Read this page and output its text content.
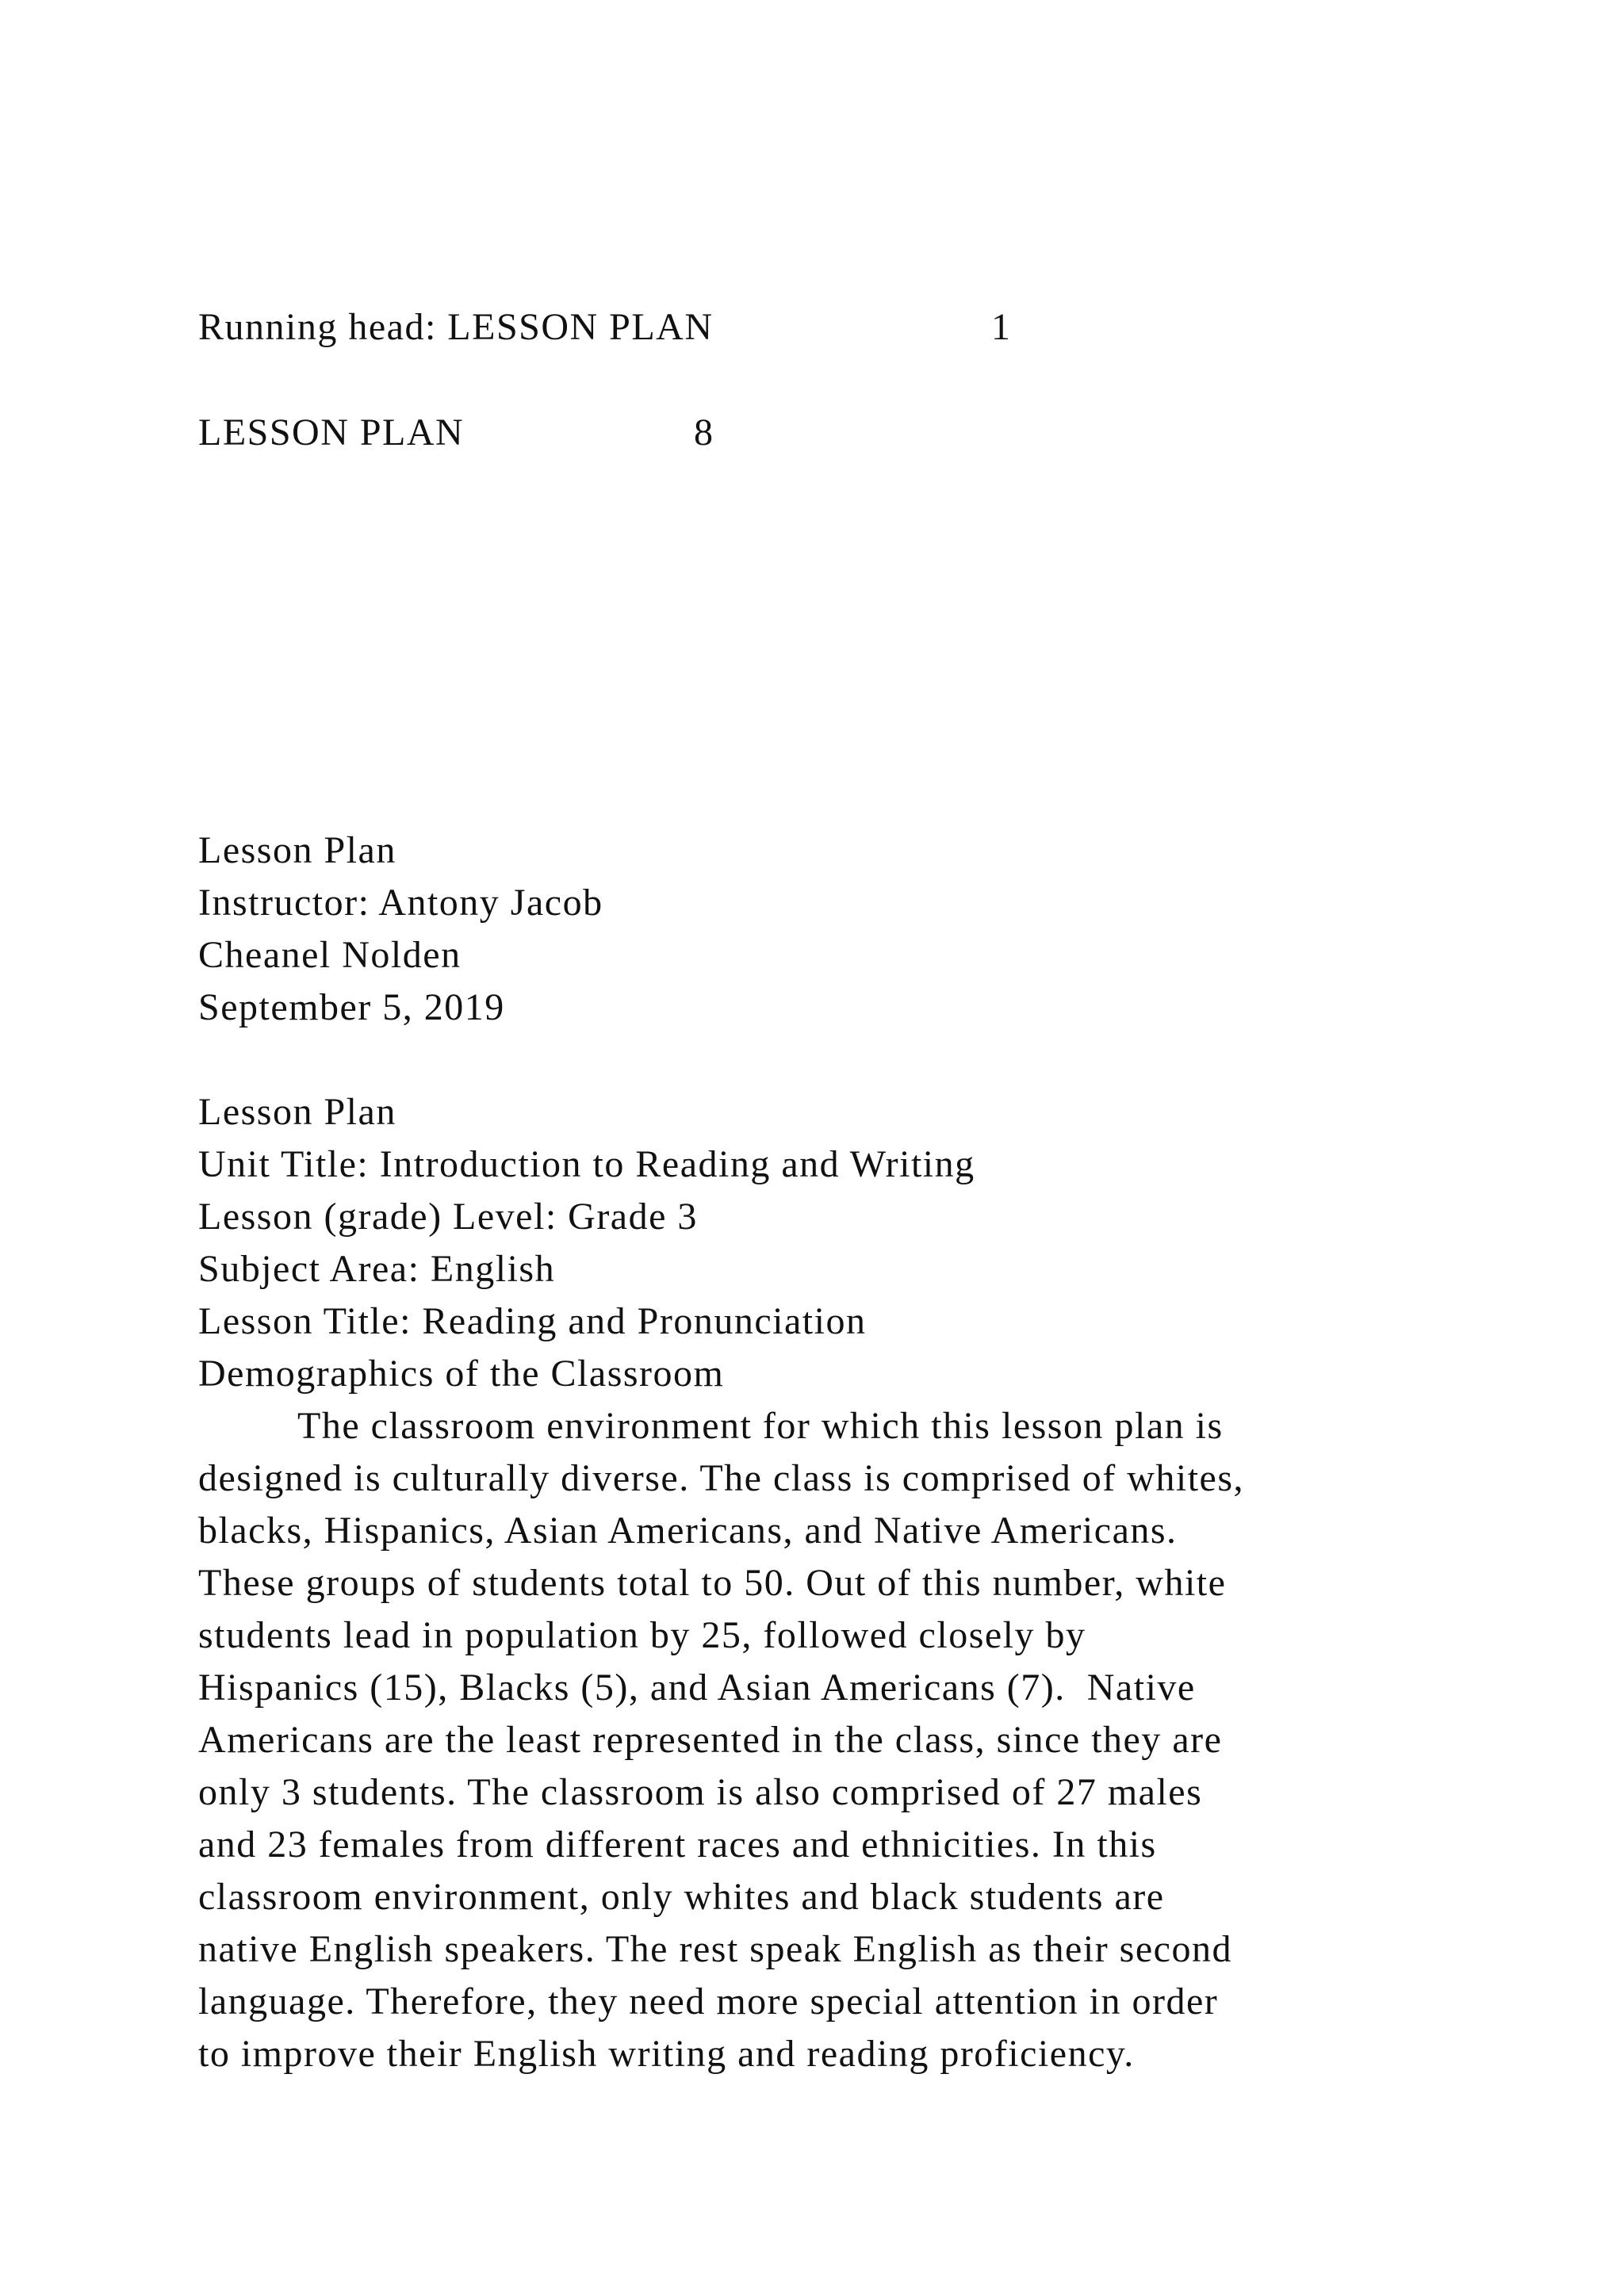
Running head: LESSON PLAN	1
LESSON PLAN	8
Lesson Plan
Instructor: Antony Jacob
Cheanel Nolden
September 5, 2019
Lesson Plan
Unit Title: Introduction to Reading and Writing
Lesson (grade) Level: Grade 3
Subject Area: English
Lesson Title: Reading and Pronunciation
Demographics of the Classroom
The classroom environment for which this lesson plan is
designed is culturally diverse. The class is comprised of whites,
blacks, Hispanics, Asian Americans, and Native Americans.
These groups of students total to 50. Out of this number, white
students lead in population by 25, followed closely by
Hispanics (15), Blacks (5), and Asian Americans (7).  Native
Americans are the least represented in the class, since they are
only 3 students. The classroom is also comprised of 27 males
and 23 females from different races and ethnicities. In this
classroom environment, only whites and black students are
native English speakers. The rest speak English as their second
language. Therefore, they need more special attention in order
to improve their English writing and reading proficiency.
